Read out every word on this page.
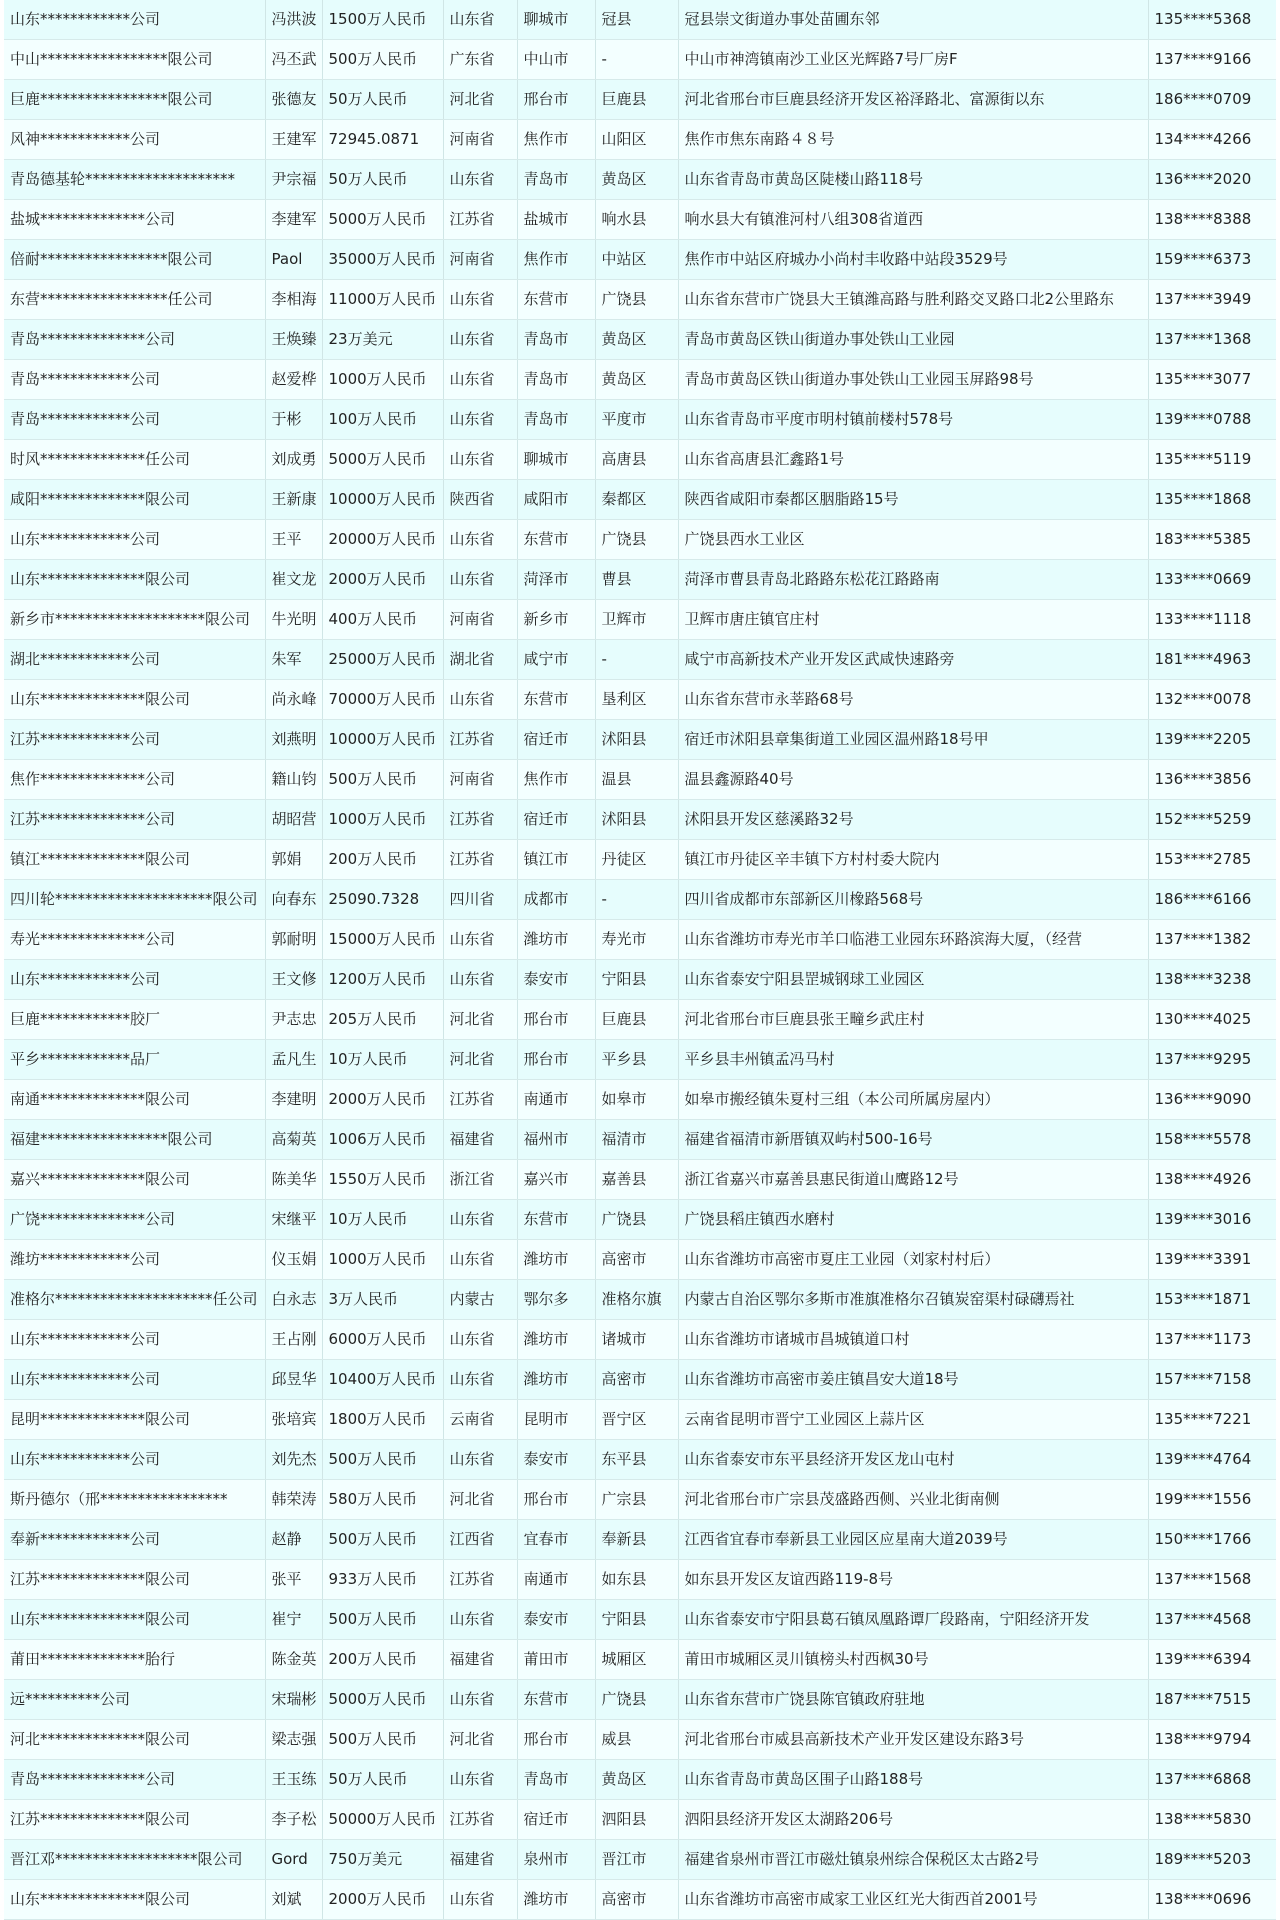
山东************公司	冯洪波	1500万人民币	山东省	聊城市	冠县	冠县崇文街道办事处苗圃东邻	135****5368
中山*****************限公司	冯丕武	500万人民币	广东省	中山市	-	中山市神湾镇南沙工业区光辉路7号厂房F	137****9166
巨鹿*****************限公司	张德友	50万人民币	河北省	邢台市	巨鹿县	河北省邢台市巨鹿县经济开发区裕泽路北、富源街以东	186****0709
风神************公司	王建军	72945.0871	河南省	焦作市	山阳区	焦作市焦东南路４８号	134****4266
青岛德基轮********************	尹宗福	50万人民币	山东省	青岛市	黄岛区	山东省青岛市黄岛区陡楼山路118号	136****2020
盐城**************公司	李建军	5000万人民币	江苏省	盐城市	响水县	响水县大有镇淮河村八组308省道西	138****8388
倍耐*****************限公司	Paol	35000万人民币	河南省	焦作市	中站区	焦作市中站区府城办小尚村丰收路中站段3529号	159****6373
东营*****************任公司	李相海	11000万人民币	山东省	东营市	广饶县	山东省东营市广饶县大王镇潍高路与胜利路交叉路口北2公里路东	137****3949
青岛**************公司	王焕臻	23万美元	山东省	青岛市	黄岛区	青岛市黄岛区铁山街道办事处铁山工业园	137****1368
青岛************公司	赵爱桦	1000万人民币	山东省	青岛市	黄岛区	青岛市黄岛区铁山街道办事处铁山工业园玉屏路98号	135****3077
青岛************公司	于彬	100万人民币	山东省	青岛市	平度市	山东省青岛市平度市明村镇前楼村578号	139****0788
时风**************任公司	刘成勇	5000万人民币	山东省	聊城市	高唐县	山东省高唐县汇鑫路1号	135****5119
咸阳**************限公司	王新康	10000万人民币	陕西省	咸阳市	秦都区	陕西省咸阳市秦都区胭脂路15号	135****1868
山东************公司	王平	20000万人民币	山东省	东营市	广饶县	广饶县西水工业区	183****5385
山东**************限公司	崔文龙	2000万人民币	山东省	菏泽市	曹县	菏泽市曹县青岛北路路东松花江路路南	133****0669
新乡市********************限公司	牛光明	400万人民币	河南省	新乡市	卫辉市	卫辉市唐庄镇官庄村	133****1118
湖北************公司	朱军	25000万人民币	湖北省	咸宁市	-	咸宁市高新技术产业开发区武咸快速路旁	181****4963
山东**************限公司	尚永峰	70000万人民币	山东省	东营市	垦利区	山东省东营市永莘路68号	132****0078
江苏************公司	刘燕明	10000万人民币	江苏省	宿迁市	沭阳县	宿迁市沭阳县章集街道工业园区温州路18号甲	139****2205
焦作**************公司	籍山钧	500万人民币	河南省	焦作市	温县	温县鑫源路40号	136****3856
江苏**************公司	胡昭营	1000万人民币	江苏省	宿迁市	沭阳县	沭阳县开发区慈溪路32号	152****5259
镇江**************限公司	郭娟	200万人民币	江苏省	镇江市	丹徒区	镇江市丹徒区辛丰镇下方村村委大院内	153****2785
四川轮*********************限公司	向春东	25090.7328	四川省	成都市	-	四川省成都市东部新区川橡路568号	186****6166
寿光**************公司	郭耐明	15000万人民币	山东省	潍坊市	寿光市	山东省潍坊市寿光市羊口临港工业园东环路滨海大厦，（经营	137****1382
山东************公司	王文修	1200万人民币	山东省	泰安市	宁阳县	山东省泰安宁阳县罡城钢球工业园区	138****3238
巨鹿************胶厂	尹志忠	205万人民币	河北省	邢台市	巨鹿县	河北省邢台市巨鹿县张王疃乡武庄村	130****4025
平乡************品厂	孟凡生	10万人民币	河北省	邢台市	平乡县	平乡县丰州镇孟冯马村	137****9295
南通**************限公司	李建明	2000万人民币	江苏省	南通市	如皋市	如皋市搬经镇朱夏村三组（本公司所属房屋内）	136****9090
福建*****************限公司	高菊英	1006万人民币	福建省	福州市	福清市	福建省福清市新厝镇双屿村500-16号	158****5578
嘉兴**************限公司	陈美华	1550万人民币	浙江省	嘉兴市	嘉善县	浙江省嘉兴市嘉善县惠民街道山鹰路12号	138****4926
广饶**************公司	宋继平	10万人民币	山东省	东营市	广饶县	广饶县稻庄镇西水磨村	139****3016
潍坊************公司	仪玉娟	1000万人民币	山东省	潍坊市	高密市	山东省潍坊市高密市夏庄工业园（刘家村村后）	139****3391
准格尔*********************任公司	白永志	3万人民币	内蒙古	鄂尔多	准格尔旗	内蒙古自治区鄂尔多斯市准旗准格尔召镇炭窑渠村碌礴焉社	153****1871
山东************公司	王占刚	6000万人民币	山东省	潍坊市	诸城市	山东省潍坊市诸城市昌城镇道口村	137****1173
山东************公司	邱昱华	10400万人民币	山东省	潍坊市	高密市	山东省潍坊市高密市姜庄镇昌安大道18号	157****7158
昆明**************限公司	张培宾	1800万人民币	云南省	昆明市	晋宁区	云南省昆明市晋宁工业园区上蒜片区	135****7221
山东************公司	刘先杰	500万人民币	山东省	泰安市	东平县	山东省泰安市东平县经济开发区龙山屯村	139****4764
斯丹德尔（邢*****************	韩荣涛	580万人民币	河北省	邢台市	广宗县	河北省邢台市广宗县茂盛路西侧、兴业北街南侧	199****1556
奉新************公司	赵静	500万人民币	江西省	宜春市	奉新县	江西省宜春市奉新县工业园区应星南大道2039号	150****1766
江苏**************限公司	张平	933万人民币	江苏省	南通市	如东县	如东县开发区友谊西路119-8号	137****1568
山东**************限公司	崔宁	500万人民币	山东省	泰安市	宁阳县	山东省泰安市宁阳县葛石镇凤凰路谭厂段路南，宁阳经济开发	137****4568
莆田**************胎行	陈金英	200万人民币	福建省	莆田市	城厢区	莆田市城厢区灵川镇榜头村西枫30号	139****6394
远**********公司	宋瑞彬	5000万人民币	山东省	东营市	广饶县	山东省东营市广饶县陈官镇政府驻地	187****7515
河北**************限公司	梁志强	500万人民币	河北省	邢台市	威县	河北省邢台市威县高新技术产业开发区建设东路3号	138****9794
青岛**************公司	王玉练	50万人民币	山东省	青岛市	黄岛区	山东省青岛市黄岛区围子山路188号	137****6868
江苏**************限公司	李子松	50000万人民币	江苏省	宿迁市	泗阳县	泗阳县经济开发区太湖路206号	138****5830
晋江邓*******************限公司	Gord	750万美元	福建省	泉州市	晋江市	福建省泉州市晋江市磁灶镇泉州综合保税区太古路2号	189****5203
山东**************限公司	刘斌	2000万人民币	山东省	潍坊市	高密市	山东省潍坊市高密市咸家工业区红光大街西首2001号	138****0696
